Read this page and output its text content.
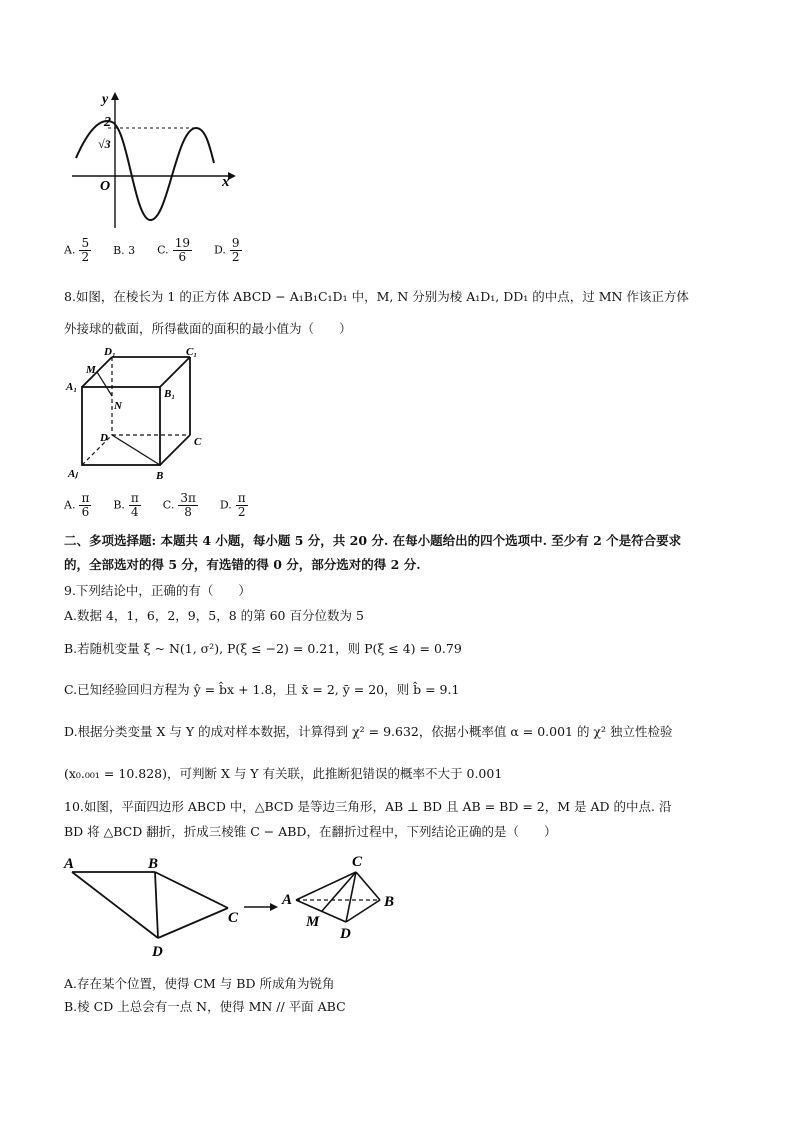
y
2
√3
O	x
A. $\frac{5}{2} B$. 3 C. $\frac{19}{6} D$. $\frac{9}{2}$
8.如图，在棱长为 1 的正方体 ABCD − A₁B₁C₁D₁ 中，M, N 分别为棱 A₁D₁, DD₁ 的中点，过 MN 作该正方体
外接球的截面，所得截面的面积的最小值为（　　）
D₁	C₁
A₁
M
B₁
N
D	C
Aⱼ	B
A. $\frac{\pi}{6} B$. $\frac{\pi}{4} C$. $\frac{3\pi}{8} D$. $\frac{\pi}{2}$
二、多项选择题: 本题共 4 小题，每小题 5 分，共 20 分. 在每小题给出的四个选项中. 至少有 2 个是符合要求
的，全部选对的得 5 分，有选错的得 0 分，部分选对的得 2 分.
9.下列结论中，正确的有（　　）
A.数据 4，1，6，2，9，5，8 的第 60 百分位数为 5
B.若随机变量 ξ ~ N(1, σ²), P(ξ ≤ −2) = 0.21，则 P(ξ ≤ 4) = 0.79
C.已知经验回归方程为 ŷ = b̂x + 1.8，且 x̄ = 2, ȳ = 20，则 b̂ = 9.1
D.根据分类变量 X 与 Y 的成对样本数据，计算得到 χ² = 9.632，依据小概率值 α = 0.001 的 χ² 独立性检验
(x₀.₀₀₁ = 10.828)，可判断 X 与 Y 有关联，此推断犯错误的概率不大于 0.001
10.如图，平面四边形 ABCD 中，△BCD 是等边三角形，AB ⊥ BD 且 AB = BD = 2，M 是 AD 的中点. 沿
BD 将 △BCD 翻折，折成三棱锥 C − ABD，在翻折过程中，下列结论正确的是（　　）
A	B
C
D
C
A	B
M
D
A.存在某个位置，使得 CM 与 BD 所成角为锐角
B.棱 CD 上总会有一点 N，使得 MN // 平面 ABC
